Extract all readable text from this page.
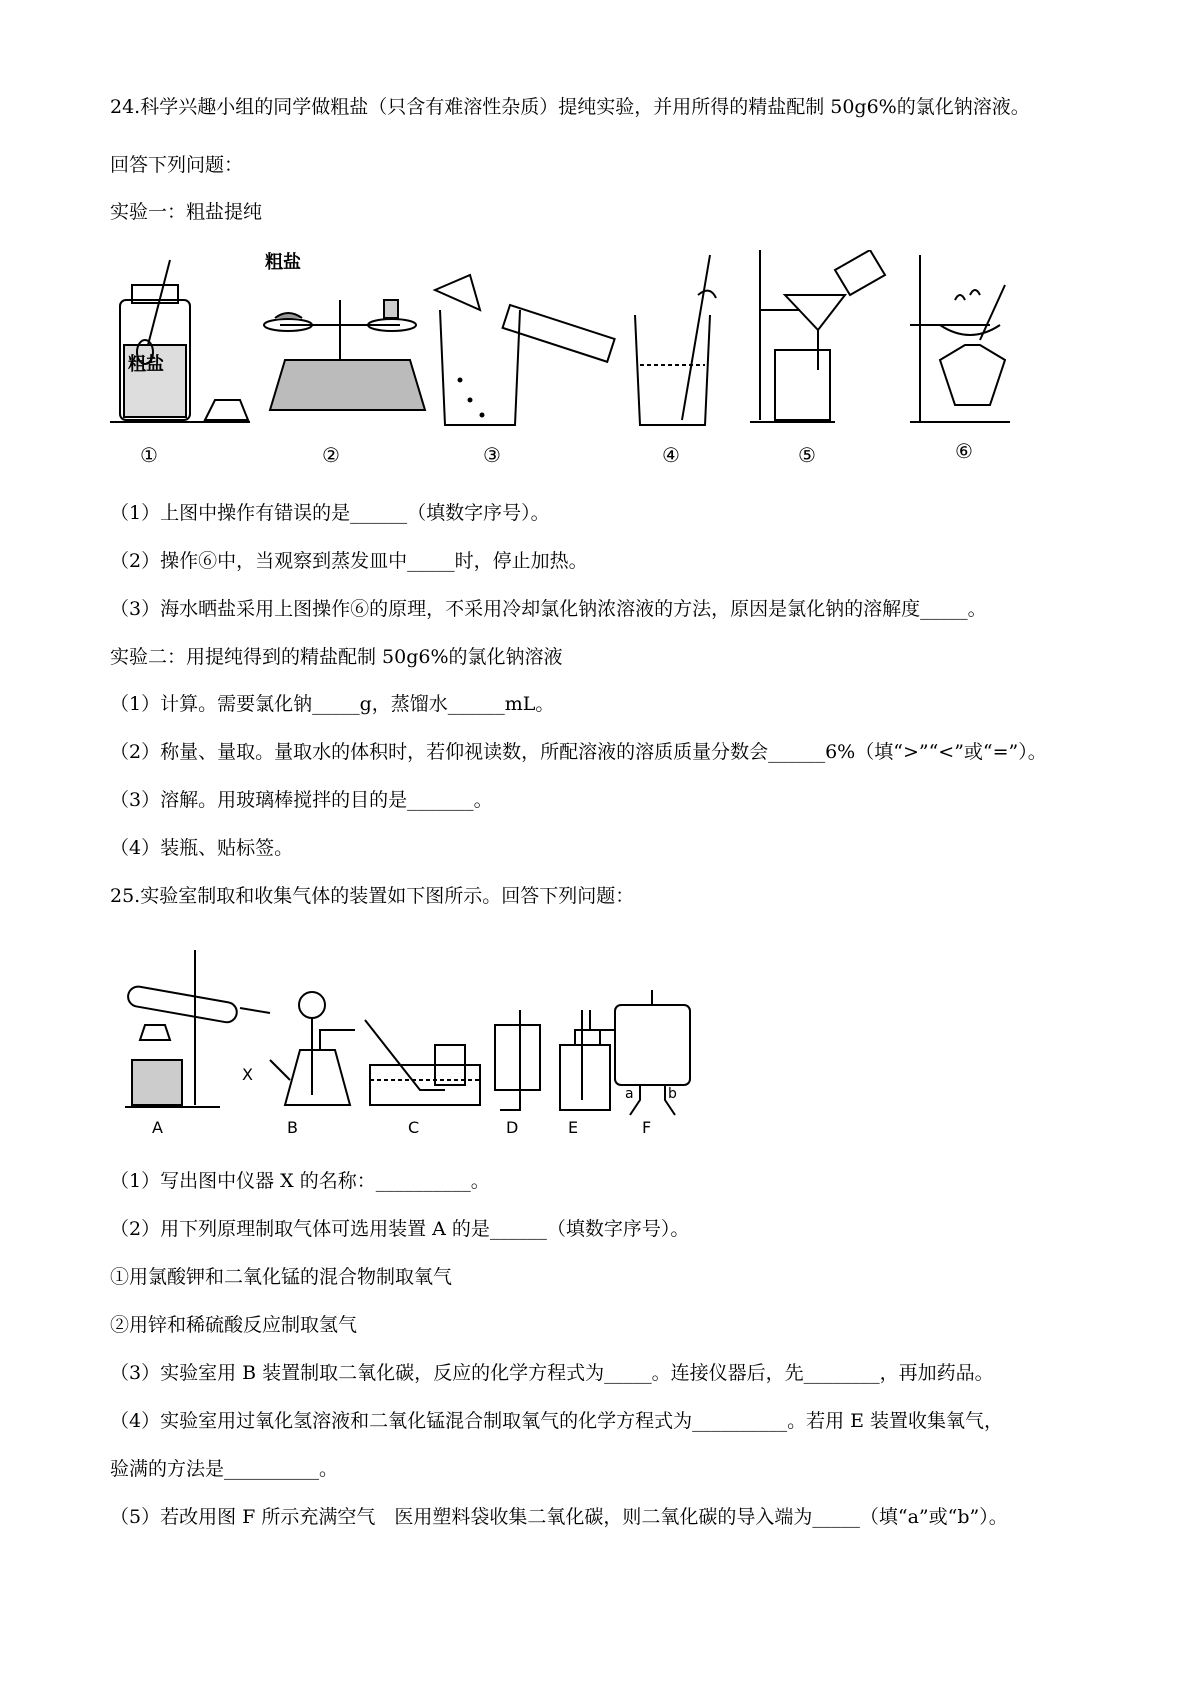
24.科学兴趣小组的同学做粗盐（只含有难溶性杂质）提纯实验，并用所得的精盐配制 50g6%的氯化钠溶液。
回答下列问题：
实验一：粗盐提纯
粗盐
粗盐
①	②	③	④	⑤	⑥
（1）上图中操作有错误的是______（填数字序号）。
（2）操作⑥中，当观察到蒸发皿中_____时，停止加热。
（3）海水晒盐采用上图操作⑥的原理，不采用冷却氯化钠浓溶液的方法，原因是氯化钠的溶解度_____。
实验二：用提纯得到的精盐配制 50g6%的氯化钠溶液
（1）计算。需要氯化钠_____g，蒸馏水______mL。
（2）称量、量取。量取水的体积时，若仰视读数，所配溶液的溶质质量分数会______6%（填“>”“<”或“=”）。
（3）溶解。用玻璃棒搅拌的目的是_______。
（4）装瓶、贴标签。
25.实验室制取和收集气体的装置如下图所示。回答下列问题：
X
a b
A	B	C	D	E	F
（1）写出图中仪器 X 的名称：__________。
（2）用下列原理制取气体可选用装置 A 的是______（填数字序号）。
①用氯酸钾和二氧化锰的混合物制取氧气
②用锌和稀硫酸反应制取氢气
（3）实验室用 B 装置制取二氧化碳，反应的化学方程式为_____。连接仪器后，先________，再加药品。
（4）实验室用过氧化氢溶液和二氧化锰混合制取氧气的化学方程式为__________。若用 E 装置收集氧气，
验满的方法是__________。
（5）若改用图 F 所示充满空气　医用塑料袋收集二氧化碳，则二氧化碳的导入端为_____（填“a”或“b”）。
